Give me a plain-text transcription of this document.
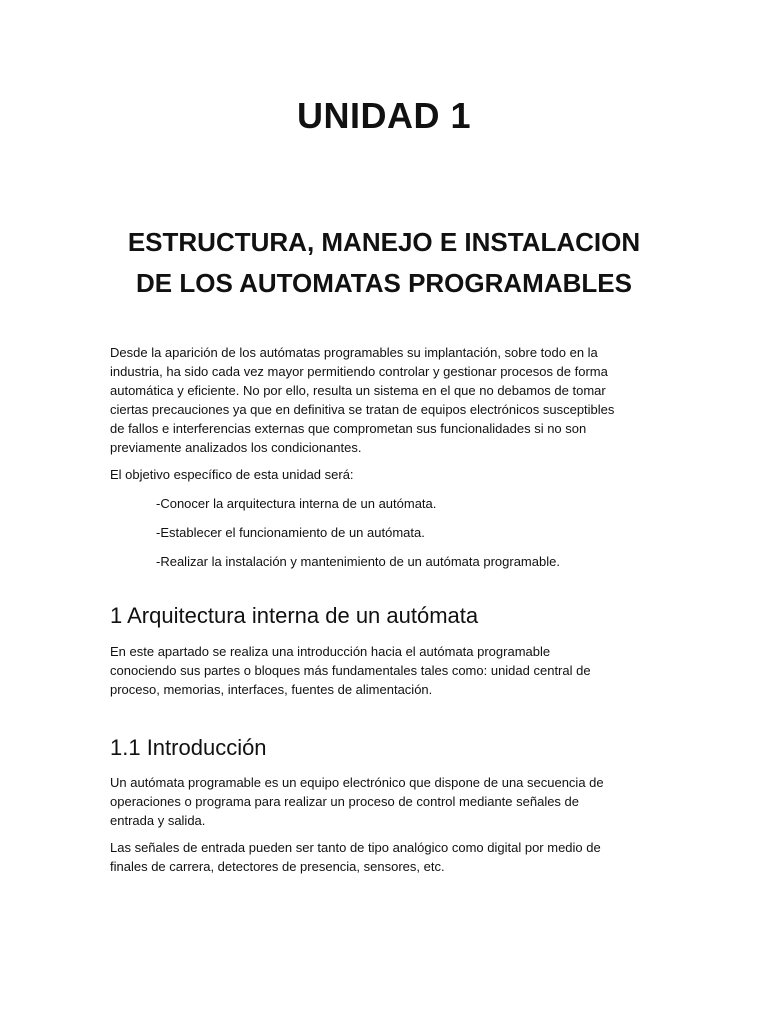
UNIDAD 1
ESTRUCTURA, MANEJO E INSTALACION
DE LOS AUTOMATAS PROGRAMABLES

Desde la aparición de los autómatas programables su implantación, sobre todo en la
industria, ha sido cada vez mayor permitiendo controlar y gestionar procesos de forma
automática y eficiente. No por ello, resulta un sistema en el que no debamos de tomar
ciertas precauciones ya que en definitiva se tratan de equipos electrónicos susceptibles
de fallos e interferencias externas que comprometan sus funcionalidades si no son
previamente analizados los condicionantes.

El objetivo específico de esta unidad será:

-Conocer la arquitectura interna de un autómata.
-Establecer el funcionamiento de un autómata.
-Realizar la instalación y mantenimiento de un autómata programable.
1 Arquitectura interna de un autómata

En este apartado se realiza una introducción hacia el autómata programable
conociendo sus partes o bloques más fundamentales tales como: unidad central de
proceso, memorias, interfaces, fuentes de alimentación.

1.1 Introducción

Un autómata programable es un equipo electrónico que dispone de una secuencia de
operaciones o programa para realizar un proceso de control mediante señales de
entrada y salida.

Las señales de entrada pueden ser tanto de tipo analógico como digital por medio de
finales de carrera, detectores de presencia, sensores, etc.
